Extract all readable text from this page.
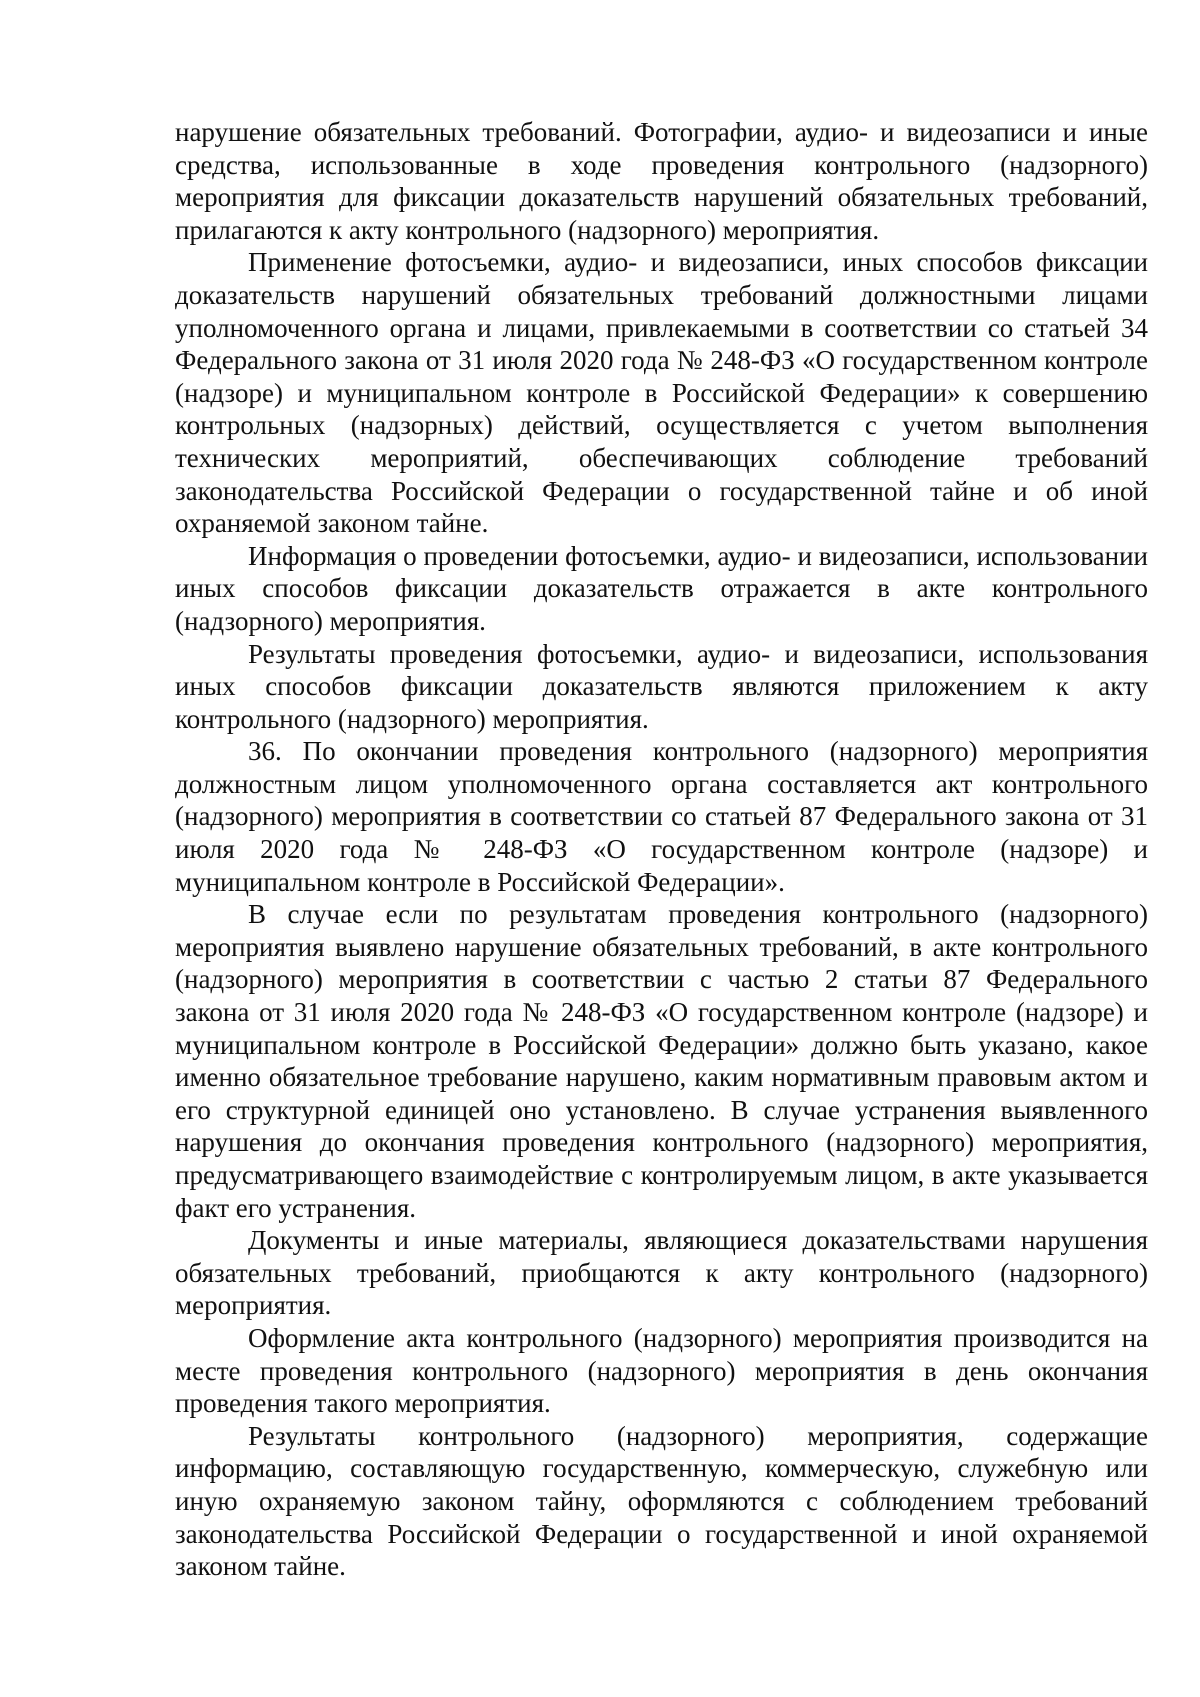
нарушение обязательных требований. Фотографии, аудио- и видеозаписи и иные средства, использованные в ходе проведения контрольного (надзорного) мероприятия для фиксации доказательств нарушений обязательных требований, прилагаются к акту контрольного (надзорного) мероприятия.

Применение фотосъемки, аудио- и видеозаписи, иных способов фиксации доказательств нарушений обязательных требований должностными лицами уполномоченного органа и лицами, привлекаемыми в соответствии со статьей 34 Федерального закона от 31 июля 2020 года № 248-ФЗ «О государственном контроле (надзоре) и муниципальном контроле в Российской Федерации» к совершению контрольных (надзорных) действий, осуществляется с учетом выполнения технических мероприятий, обеспечивающих соблюдение требований законодательства Российской Федерации о государственной тайне и об иной охраняемой законом тайне.

Информация о проведении фотосъемки, аудио- и видеозаписи, использовании иных способов фиксации доказательств отражается в акте контрольного (надзорного) мероприятия.

Результаты проведения фотосъемки, аудио- и видеозаписи, использования иных способов фиксации доказательств являются приложением к акту контрольного (надзорного) мероприятия.

36. По окончании проведения контрольного (надзорного) мероприятия должностным лицом уполномоченного органа составляется акт контрольного (надзорного) мероприятия в соответствии со статьей 87 Федерального закона от 31 июля 2020 года № 248-ФЗ «О государственном контроле (надзоре) и муниципальном контроле в Российской Федерации».

В случае если по результатам проведения контрольного (надзорного) мероприятия выявлено нарушение обязательных требований, в акте контрольного (надзорного) мероприятия в соответствии с частью 2 статьи 87 Федерального закона от 31 июля 2020 года № 248-ФЗ «О государственном контроле (надзоре) и муниципальном контроле в Российской Федерации» должно быть указано, какое именно обязательное требование нарушено, каким нормативным правовым актом и его структурной единицей оно установлено. В случае устранения выявленного нарушения до окончания проведения контрольного (надзорного) мероприятия, предусматривающего взаимодействие с контролируемым лицом, в акте указывается факт его устранения.

Документы и иные материалы, являющиеся доказательствами нарушения обязательных требований, приобщаются к акту контрольного (надзорного) мероприятия.

Оформление акта контрольного (надзорного) мероприятия производится на месте проведения контрольного (надзорного) мероприятия в день окончания проведения такого мероприятия.

Результаты контрольного (надзорного) мероприятия, содержащие информацию, составляющую государственную, коммерческую, служебную или иную охраняемую законом тайну, оформляются с соблюдением требований законодательства Российской Федерации о государственной и иной охраняемой законом тайне.
